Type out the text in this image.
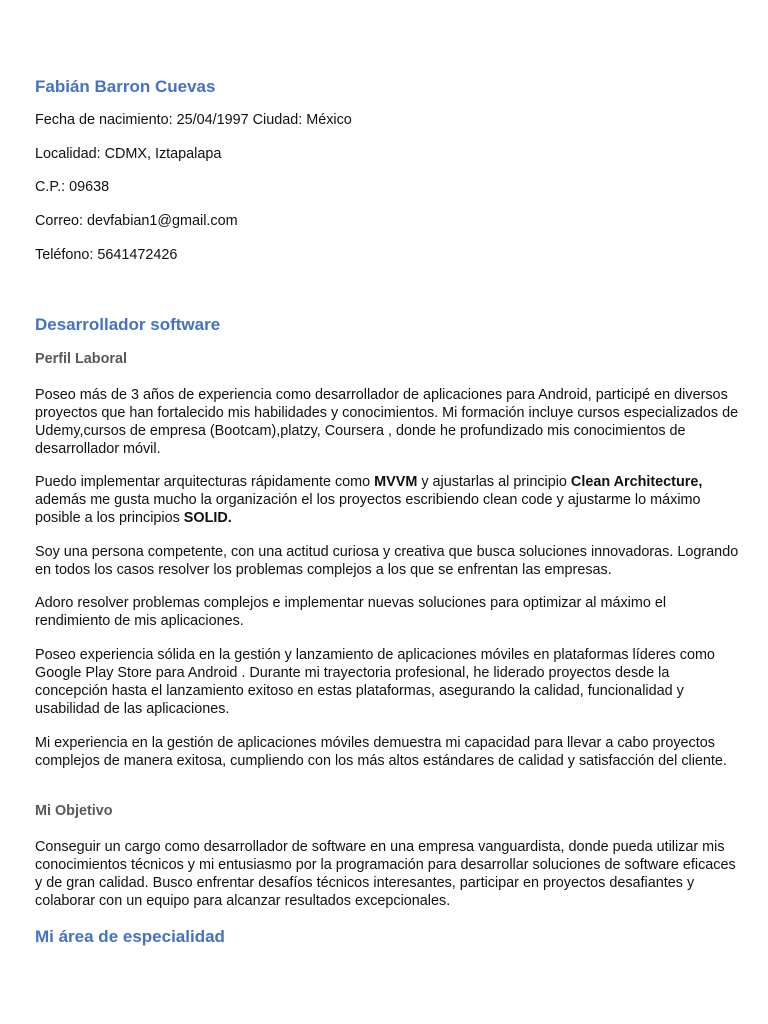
Fabián Barron Cuevas
Fecha de nacimiento: 25/04/1997 Ciudad: México
Localidad: CDMX, Iztapalapa
C.P.: 09638
Correo: devfabian1@gmail.com
Teléfono: 5641472426
Desarrollador software
Perfil Laboral
Poseo más de 3 años de experiencia como desarrollador de aplicaciones para Android, participé en diversos proyectos que han fortalecido mis habilidades y conocimientos. Mi formación incluye cursos especializados de Udemy,cursos de empresa (Bootcam),platzy, Coursera , donde he profundizado mis conocimientos de desarrollador móvil.
Puedo implementar arquitecturas rápidamente como MVVM y ajustarlas al principio Clean Architecture, además me gusta mucho la organización el los proyectos escribiendo clean code y ajustarme lo máximo posible a los principios SOLID.
Soy una persona competente, con una actitud curiosa y creativa que busca soluciones innovadoras. Logrando en todos los casos resolver los problemas complejos a los que se enfrentan las empresas.
Adoro resolver problemas complejos e implementar nuevas soluciones para optimizar al máximo el rendimiento de mis aplicaciones.
Poseo experiencia sólida en la gestión y lanzamiento de aplicaciones móviles en plataformas líderes como Google Play Store para Android . Durante mi trayectoria profesional, he liderado proyectos desde la concepción hasta el lanzamiento exitoso en estas plataformas, asegurando la calidad, funcionalidad y usabilidad de las aplicaciones.
Mi experiencia en la gestión de aplicaciones móviles demuestra mi capacidad para llevar a cabo proyectos complejos de manera exitosa, cumpliendo con los más altos estándares de calidad y satisfacción del cliente.
Mi Objetivo
Conseguir un cargo como desarrollador de software en una empresa vanguardista, donde pueda utilizar mis conocimientos técnicos y mi entusiasmo por la programación para desarrollar soluciones de software eficaces y de gran calidad. Busco enfrentar desafíos técnicos interesantes, participar en proyectos desafiantes y colaborar con un equipo para alcanzar resultados excepcionales.
Mi área de especialidad
